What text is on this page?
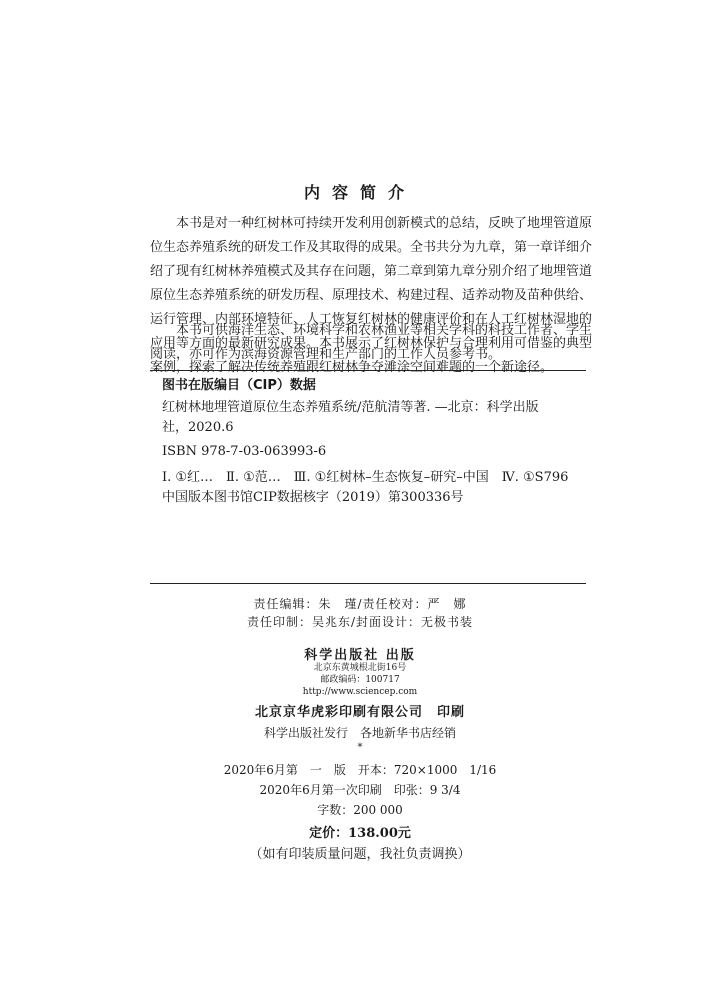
内容简介
本书是对一种红树林可持续开发利用创新模式的总结，反映了地埋管道原位生态养殖系统的研发工作及其取得的成果。全书共分为九章，第一章详细介绍了现有红树林养殖模式及其存在问题，第二章到第九章分别介绍了地埋管道原位生态养殖系统的研发历程、原理技术、构建过程、适养动物及苗种供给、运行管理、内部环境特征、人工恢复红树林的健康评价和在人工红树林湿地的应用等方面的最新研究成果。本书展示了红树林保护与合理利用可借鉴的典型案例，探索了解决传统养殖跟红树林争夺滩涂空间难题的一个新途径。
本书可供海洋生态、环境科学和农林渔业等相关学科的科技工作者、学生阅读，亦可作为滨海资源管理和生产部门的工作人员参考书。
图书在版编目（CIP）数据
红树林地埋管道原位生态养殖系统/范航清等著. —北京：科学出版
社，2020.6
ISBN 978-7-03-063993-6
Ⅰ. ①红…　Ⅱ. ①范…　Ⅲ. ①红树林–生态恢复–研究–中国　Ⅳ. ①S796
中国版本图书馆CIP数据核字（2019）第300336号
责任编辑：朱　瑾/责任校对：严　娜
责任印制：吴兆东/封面设计：无极书装
科学出版社 出版
北京东黄城根北街16号
邮政编码：100717
http://www.sciencep.com
北京京华虎彩印刷有限公司　印刷
科学出版社发行　各地新华书店经销
*
2020年6月第　一　版　开本：720×1000　1/16
2020年6月第一次印刷　印张：9 3/4
字数：200 000
定价：138.00元
（如有印装质量问题，我社负责调换）
